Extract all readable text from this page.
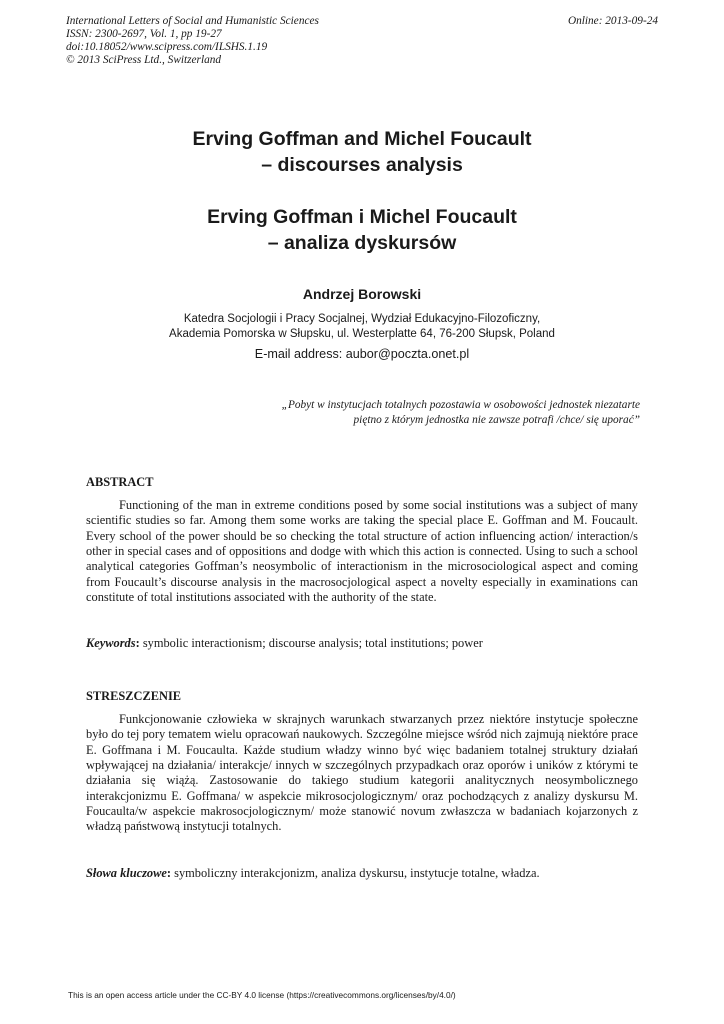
International Letters of Social and Humanistic Sciences
ISSN: 2300-2697, Vol. 1, pp 19-27
doi:10.18052/www.scipress.com/ILSHS.1.19
© 2013 SciPress Ltd., Switzerland
Online: 2013-09-24
Erving Goffman and Michel Foucault
– discourses analysis
Erving Goffman i Michel Foucault
– analiza dyskursów
Andrzej Borowski
Katedra Socjologii i Pracy Socjalnej, Wydział Edukacyjno-Filozoficzny,
Akademia Pomorska w Słupsku, ul. Westerplatte 64, 76-200 Słupsk, Poland
E-mail address: aubor@poczta.onet.pl
„Pobyt w instytucjach totalnych pozostawia w osobowości jednostek niezatarte
piętno z którym jednostka nie zawsze potrafi /chce/ się uporać”
ABSTRACT
Functioning of the man in extreme conditions posed by some social institutions was a subject of many scientific studies so far. Among them some works are taking the special place E. Goffman and M. Foucault. Every school of the power should be so checking the total structure of action influencing action/ interaction/s other in special cases and of oppositions and dodge with which this action is connected. Using to such a school analytical categories Goffman’s neosymbolic of interactionism in the microsociological aspect and coming from Foucault’s discourse analysis in the macrosocjological aspect a novelty especially in examinations can constitute of total institutions associated with the authority of the state.
Keywords: symbolic interactionism; discourse analysis; total institutions; power
STRESZCZENIE
Funkcjonowanie człowieka w skrajnych warunkach stwarzanych przez niektóre instytucje społeczne było do tej pory tematem wielu opracowań naukowych. Szczególne miejsce wśród nich zajmują niektóre prace E. Goffmana i M. Foucaulta. Każde studium władzy winno być więc badaniem totalnej struktury działań wpływającej na działania/ interakcje/ innych w szczególnych przypadkach oraz oporów i uników z którymi te działania się wiążą. Zastosowanie do takiego studium kategorii analitycznych neosymbolicznego interakcjonizmu E. Goffmana/ w aspekcie mikrosocjologicznym/ oraz pochodzących z analizy dyskursu M. Foucaulta/w aspekcie makrosocjologicznym/ może stanowić novum zwłaszcza w badaniach kojarzonych z władzą państwową instytucji totalnych.
Słowa kluczowe: symboliczny interakcjonizm, analiza dyskursu, instytucje totalne, władza.
This is an open access article under the CC-BY 4.0 license (https://creativecommons.org/licenses/by/4.0/)
